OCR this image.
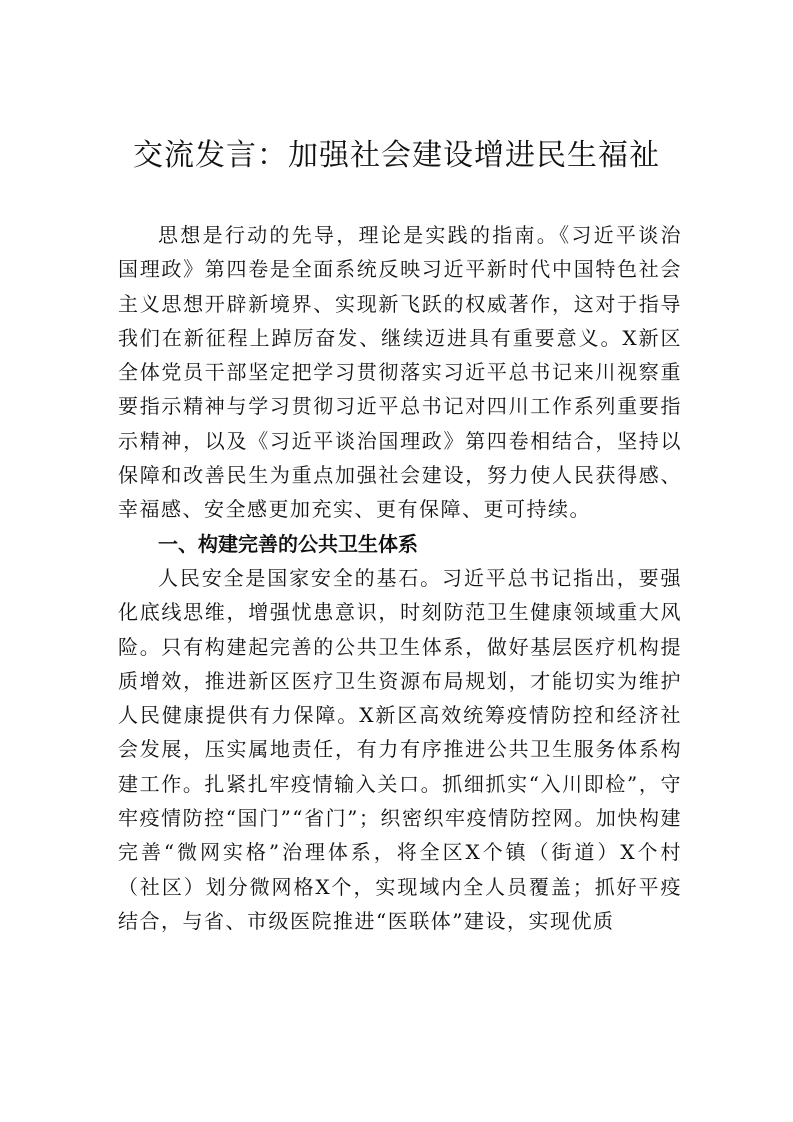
交流发言：加强社会建设增进民生福祉

思想是行动的先导，理论是实践的指南。《习近平谈治国理政》第四卷是全面系统反映习近平新时代中国特色社会主义思想开辟新境界、实现新飞跃的权威著作，这对于指导我们在新征程上踔厉奋发、继续迈进具有重要意义。X新区全体党员干部坚定把学习贯彻落实习近平总书记来川视察重要指示精神与学习贯彻习近平总书记对四川工作系列重要指示精神，以及《习近平谈治国理政》第四卷相结合，坚持以保障和改善民生为重点加强社会建设，努力使人民获得感、幸福感、安全感更加充实、更有保障、更可持续。

一、构建完善的公共卫生体系

人民安全是国家安全的基石。习近平总书记指出，要强化底线思维，增强忧患意识，时刻防范卫生健康领域重大风险。只有构建起完善的公共卫生体系，做好基层医疗机构提质增效，推进新区医疗卫生资源布局规划，才能切实为维护人民健康提供有力保障。X新区高效统筹疫情防控和经济社会发展，压实属地责任，有力有序推进公共卫生服务体系构建工作。扎紧扎牢疫情输入关口。抓细抓实“入川即检”，守牢疫情防控“国门”“省门”；织密织牢疫情防控网。加快构建完善“微网实格”治理体系，将全区X个镇（街道）X个村（社区）划分微网格X个，实现域内全人员覆盖；抓好平疫结合，与省、市级医院推进“医联体”建设，实现优质
